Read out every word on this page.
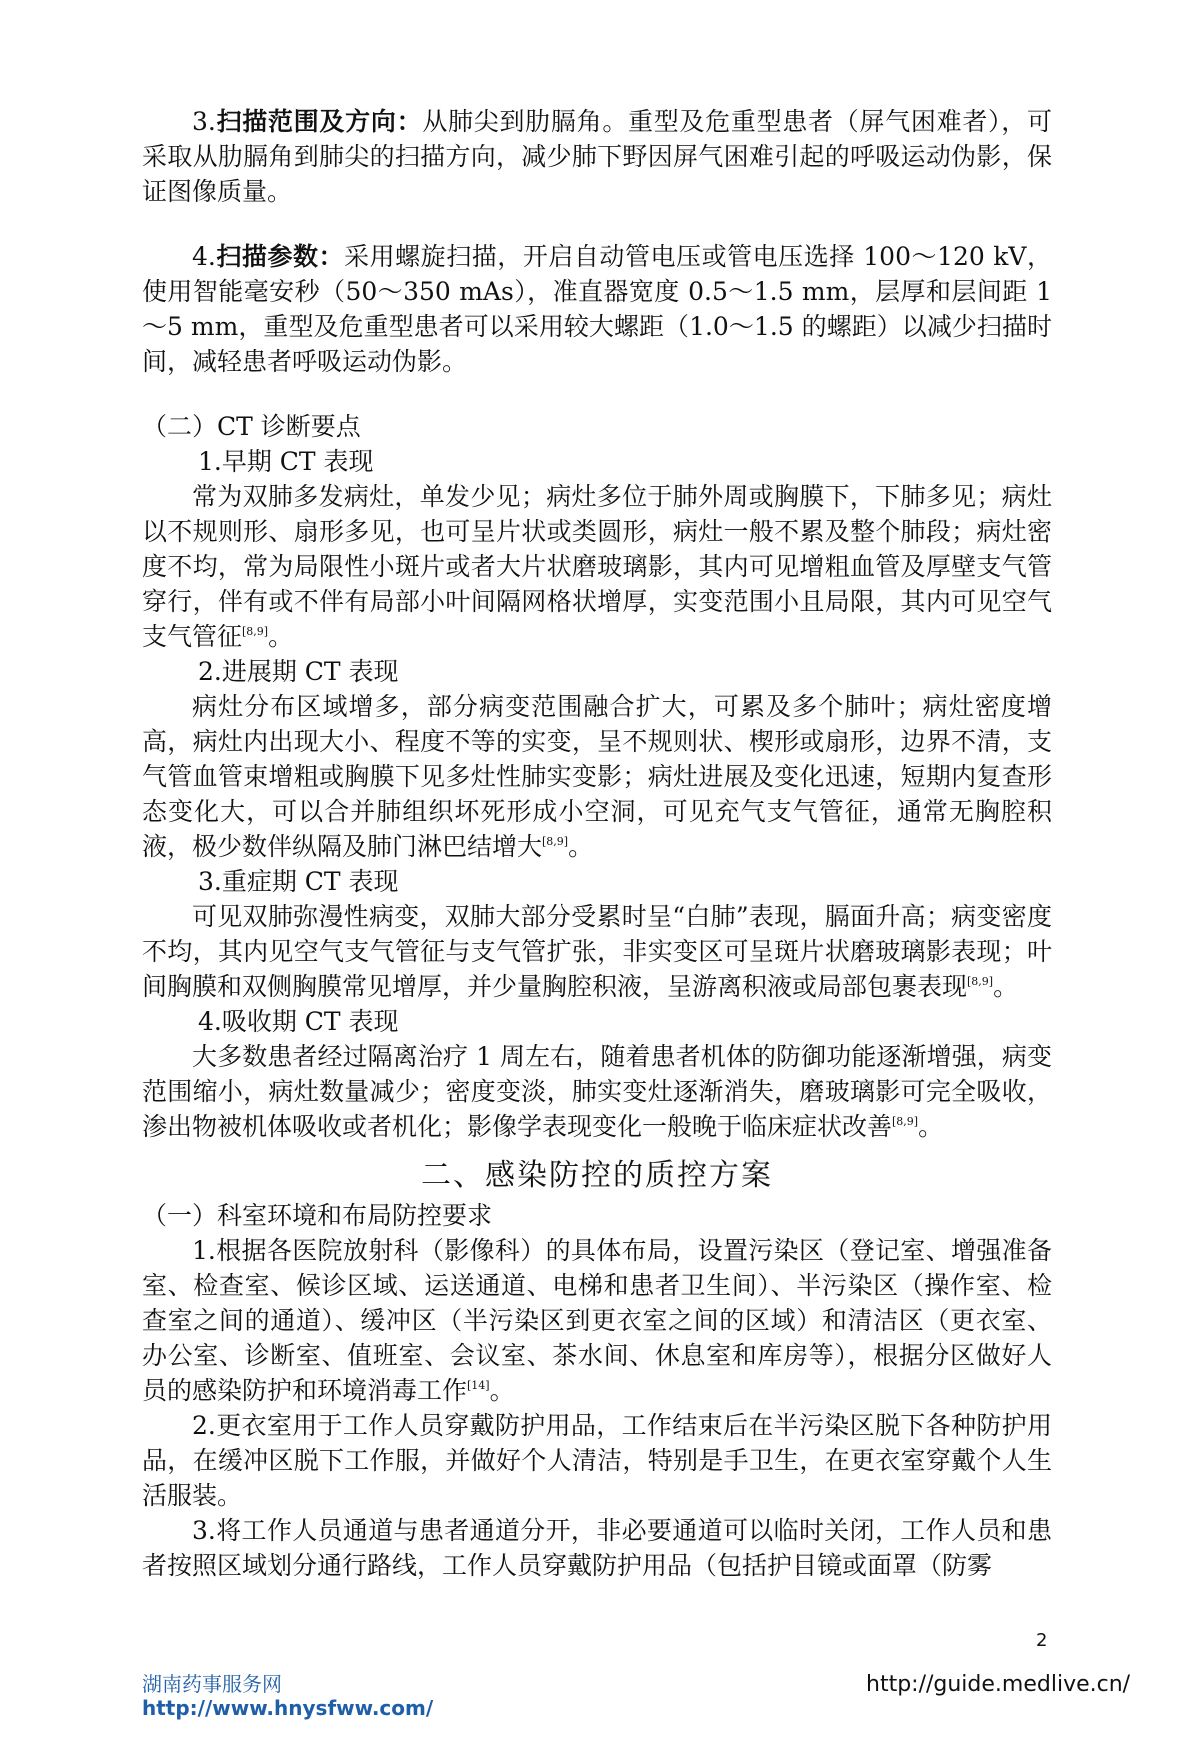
3.扫描范围及方向：从肺尖到肋膈角。重型及危重型患者（屏气困难者），可采取从肋膈角到肺尖的扫描方向，减少肺下野因屏气困难引起的呼吸运动伪影，保证图像质量。

4.扫描参数：采用螺旋扫描，开启自动管电压或管电压选择 100～120 kV，使用智能毫安秒（50～350 mAs），准直器宽度 0.5～1.5 mm，层厚和层间距 1～5 mm，重型及危重型患者可以采用较大螺距（1.0～1.5 的螺距）以减少扫描时间，减轻患者呼吸运动伪影。

（二）CT 诊断要点

1.早期 CT 表现

常为双肺多发病灶，单发少见；病灶多位于肺外周或胸膜下，下肺多见；病灶以不规则形、扇形多见，也可呈片状或类圆形，病灶一般不累及整个肺段；病灶密度不均，常为局限性小斑片或者大片状磨玻璃影，其内可见增粗血管及厚壁支气管穿行，伴有或不伴有局部小叶间隔网格状增厚，实变范围小且局限，其内可见空气支气管征[8,9]。

2.进展期 CT 表现

病灶分布区域增多，部分病变范围融合扩大，可累及多个肺叶；病灶密度增高，病灶内出现大小、程度不等的实变，呈不规则状、楔形或扇形，边界不清，支气管血管束增粗或胸膜下见多灶性肺实变影；病灶进展及变化迅速，短期内复查形态变化大，可以合并肺组织坏死形成小空洞，可见充气支气管征，通常无胸腔积液，极少数伴纵隔及肺门淋巴结增大[8,9]。

3.重症期 CT 表现

可见双肺弥漫性病变，双肺大部分受累时呈“白肺”表现，膈面升高；病变密度不均，其内见空气支气管征与支气管扩张，非实变区可呈斑片状磨玻璃影表现；叶间胸膜和双侧胸膜常见增厚，并少量胸腔积液，呈游离积液或局部包裹表现[8,9]。

4.吸收期 CT 表现

大多数患者经过隔离治疗 1 周左右，随着患者机体的防御功能逐渐增强，病变范围缩小，病灶数量减少；密度变淡，肺实变灶逐渐消失，磨玻璃影可完全吸收，渗出物被机体吸收或者机化；影像学表现变化一般晚于临床症状改善[8,9]。

二、感染防控的质控方案

（一）科室环境和布局防控要求

1.根据各医院放射科（影像科）的具体布局，设置污染区（登记室、增强准备室、检查室、候诊区域、运送通道、电梯和患者卫生间）、半污染区（操作室、检查室之间的通道）、缓冲区（半污染区到更衣室之间的区域）和清洁区（更衣室、办公室、诊断室、值班室、会议室、茶水间、休息室和库房等），根据分区做好人员的感染防护和环境消毒工作[14]。

2.更衣室用于工作人员穿戴防护用品，工作结束后在半污染区脱下各种防护用品，在缓冲区脱下工作服，并做好个人清洁，特别是手卫生，在更衣室穿戴个人生活服装。

3.将工作人员通道与患者通道分开，非必要通道可以临时关闭，工作人员和患者按照区域划分通行路线，工作人员穿戴防护用品（包括护目镜或面罩（防雾

2
湖南药事服务网
http://www.hnysfww.com/
http://guide.medlive.cn/
